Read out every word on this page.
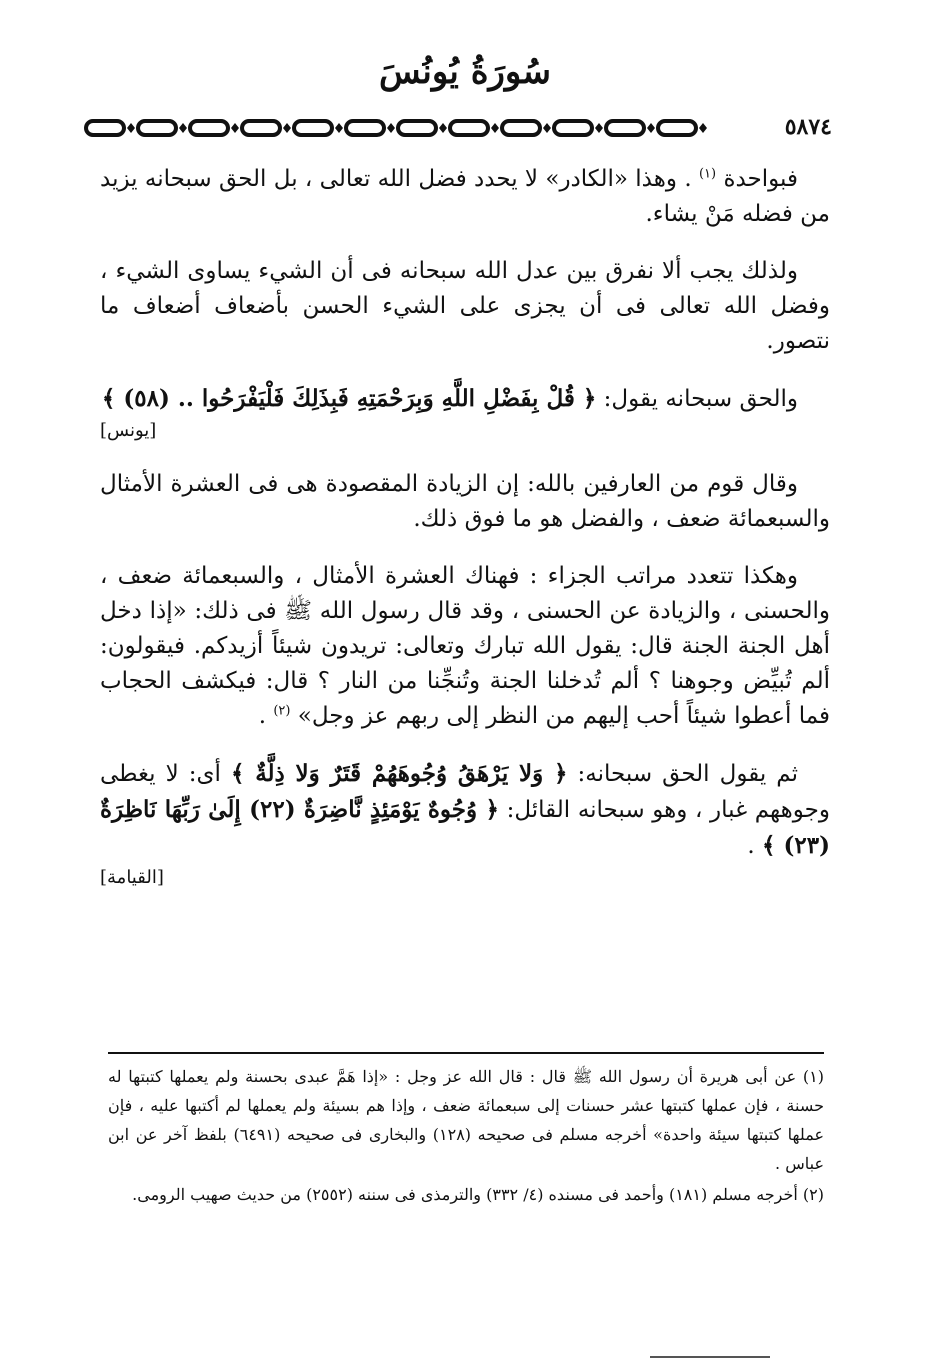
سُورَةُ يُونُسَ
٥٨٧٤

فبواحدة $^{(١)}$ . وهذا «الكادر» لا يحدد فضل الله تعالى ، بل الحق سبحانه يزيد من فضله مَنْ يشاء.

ولذلك يجب ألا نفرق بين عدل الله سبحانه فى أن الشيء يساوى الشيء ، وفضل الله تعالى فى أن يجزى على الشيء الحسن بأضعاف أضعاف ما نتصور.

والحق سبحانه يقول: ﴿ قُلْ بِفَضْلِ اللَّهِ وَبِرَحْمَتِهِ فَبِذَلِكَ فَلْيَفْرَحُوا .. (٥٨) ﴾
[يونس]

وقال قوم من العارفين بالله: إن الزيادة المقصودة هى فى العشرة الأمثال والسبعمائة ضعف ، والفضل هو ما فوق ذلك.

وهكذا تتعدد مراتب الجزاء : فهناك العشرة الأمثال ، والسبعمائة ضعف ، والحسنى ، والزيادة عن الحسنى ، وقد قال رسول الله ﷺ فى ذلك: «إذا دخل أهل الجنة الجنة قال: يقول الله تبارك وتعالى: تريدون شيئاً أزيدكم. فيقولون: ألم تُبيِّض وجوهنا ؟ ألم تُدخلنا الجنة وتُنجِّنا من النار ؟ قال: فيكشف الحجاب فما أعطوا شيئاً أحب إليهم من النظر إلى ربهم عز وجل» $^{(٢)}$ .

ثم يقول الحق سبحانه: ﴿ وَلا يَرْهَقُ وُجُوهَهُمْ قَتَرٌ وَلا ذِلَّةٌ ﴾ أى: لا يغطى وجوههم غبار ، وهو سبحانه القائل: ﴿ وُجُوهٌ يَوْمَئِذٍ نَّاضِرَةٌ (٢٢) إِلَىٰ رَبِّهَا نَاظِرَةٌ (٢٣) ﴾ .
[القيامة]

(١) عن أبى هريرة أن رسول الله ﷺ قال : قال الله عز وجل : «إذا هَمَّ عبدى بحسنة ولم يعملها كتبتها له حسنة ، فإن عملها كتبتها عشر حسنات إلى سبعمائة ضعف ، وإذا هم بسيئة ولم يعملها لم أكتبها عليه ، فإن عملها كتبتها سيئة واحدة» أخرجه مسلم فى صحيحه (١٢٨) والبخارى فى صحيحه (٦٤٩١) بلفظ آخر عن ابن عباس .

(٢) أخرجه مسلم (١٨١) وأحمد فى مسنده (٤/ ٣٣٢) والترمذى فى سننه (٢٥٥٢) من حديث صهيب الرومى.
